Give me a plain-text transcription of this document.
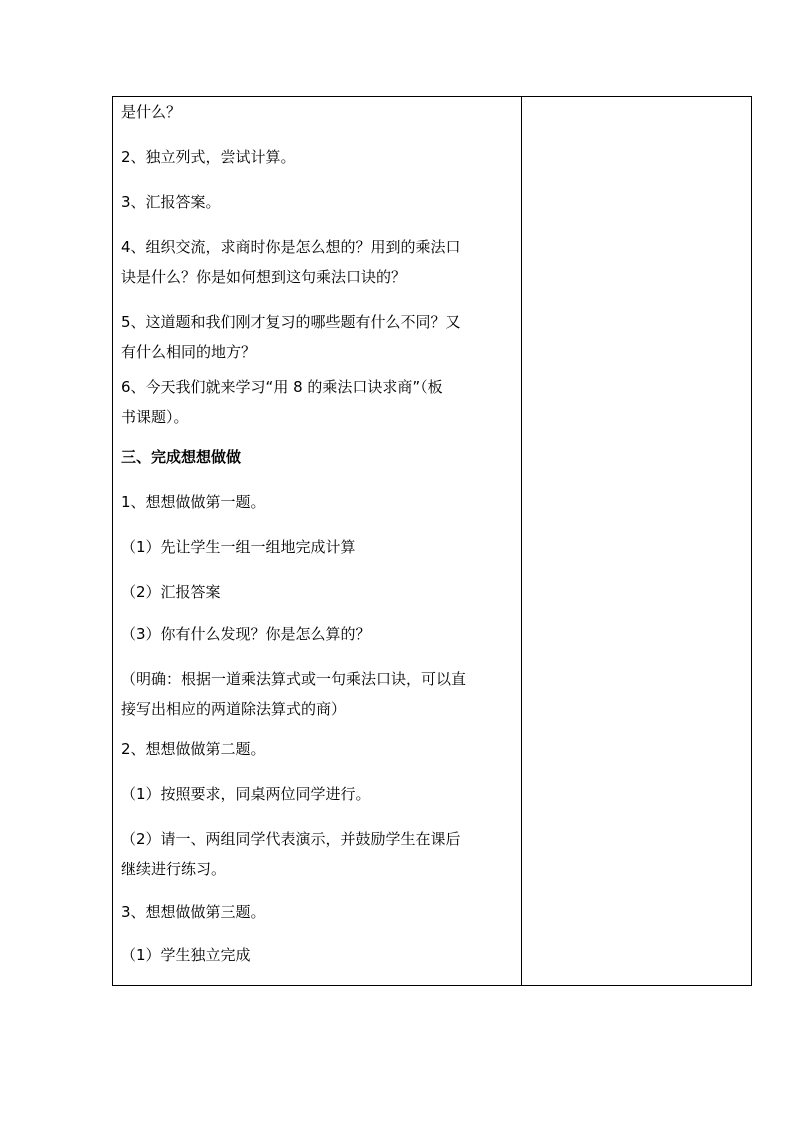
是什么？
2、独立列式，尝试计算。
3、汇报答案。
4、组织交流，求商时你是怎么想的？用到的乘法口
诀是什么？你是如何想到这句乘法口诀的？
5、这道题和我们刚才复习的哪些题有什么不同？又
有什么相同的地方？
6、今天我们就来学习“用 8 的乘法口诀求商”（板
书课题）。
三、完成想想做做
1、想想做做第一题。
（1）先让学生一组一组地完成计算
（2）汇报答案
（3）你有什么发现？你是怎么算的？
（明确：根据一道乘法算式或一句乘法口诀，可以直
接写出相应的两道除法算式的商）
2、想想做做第二题。
（1）按照要求，同桌两位同学进行。
（2）请一、两组同学代表演示，并鼓励学生在课后
继续进行练习。
3、想想做做第三题。
（1）学生独立完成
